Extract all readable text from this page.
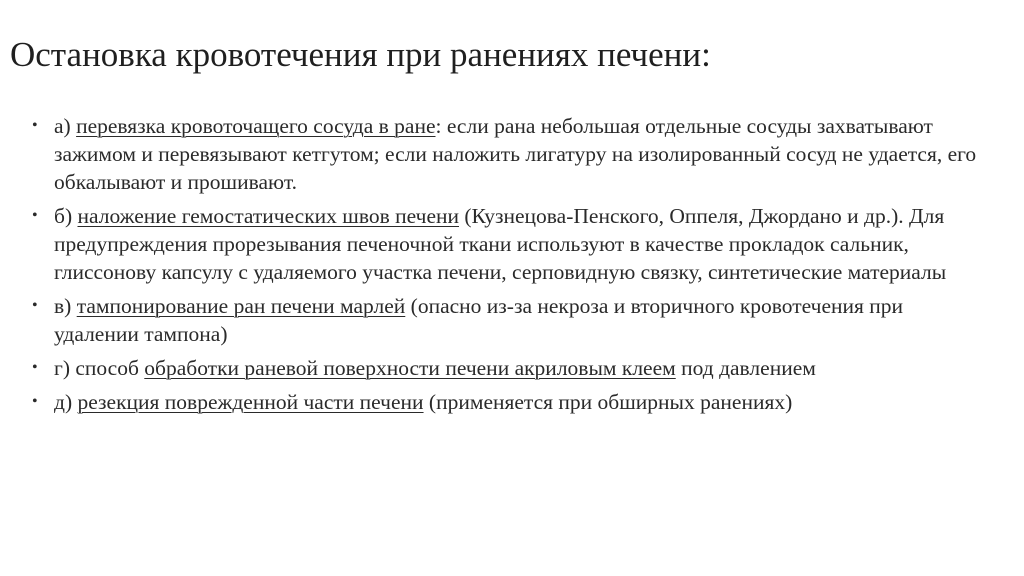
Остановка кровотечения при ранениях печени:
• а) перевязка кровоточащего сосуда в ране: если рана небольшая отдельные сосуды захватывают зажимом и перевязывают кетгутом; если наложить лигатуру на изолированный сосуд не удается, его обкалывают и прошивают.
• б) наложение гемостатических швов печени (Кузнецова-Пенского, Оппеля, Джордано и др.). Для предупреждения прорезывания печеночной ткани используют в качестве прокладок сальник, глиссонову капсулу с удаляемого участка печени, серповидную связку, синтетические материалы
• в) тампонирование ран печени марлей (опасно из-за некроза и вторичного кровотечения при удалении тампона)
• г) способ обработки раневой поверхности печени акриловым клеем под давлением
• д) резекция поврежденной части печени (применяется при обширных ранениях)
